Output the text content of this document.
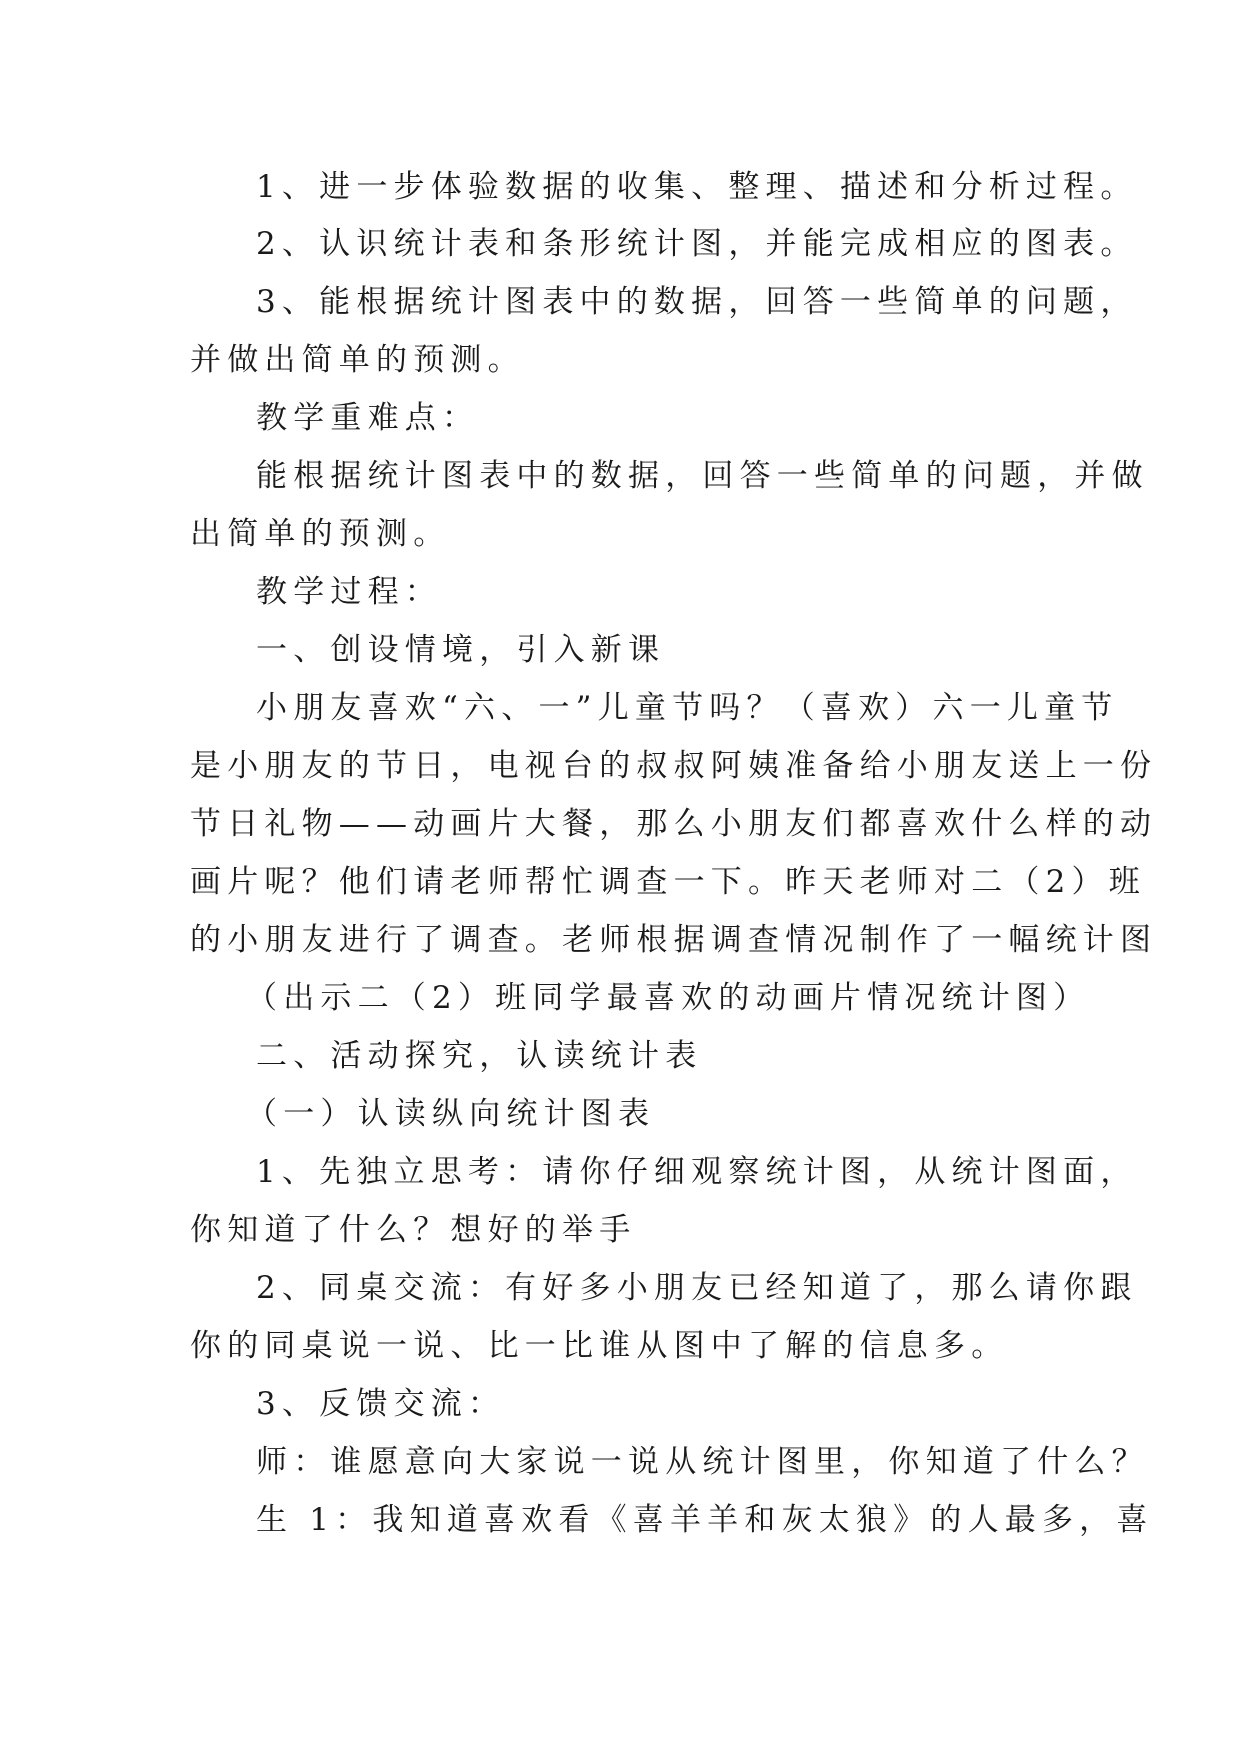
1、进一步体验数据的收集、整理、描述和分析过程。
2、认识统计表和条形统计图，并能完成相应的图表。
3、能根据统计图表中的数据，回答一些简单的问题，
并做出简单的预测。
教学重难点：
能根据统计图表中的数据，回答一些简单的问题，并做
出简单的预测。
教学过程：
一、创设情境，引入新课
小朋友喜欢“六、一”儿童节吗？（喜欢）六一儿童节
是小朋友的节日，电视台的叔叔阿姨准备给小朋友送上一份
节日礼物——动画片大餐，那么小朋友们都喜欢什么样的动
画片呢？他们请老师帮忙调查一下。昨天老师对二（2）班
的小朋友进行了调查。老师根据调查情况制作了一幅统计图
（出示二（2）班同学最喜欢的动画片情况统计图）
二、活动探究，认读统计表
（一）认读纵向统计图表
1、先独立思考：请你仔细观察统计图，从统计图面，
你知道了什么？想好的举手
2、同桌交流：有好多小朋友已经知道了，那么请你跟
你的同桌说一说、比一比谁从图中了解的信息多。
3、反馈交流：
师：谁愿意向大家说一说从统计图里，你知道了什么？
生 1：我知道喜欢看《喜羊羊和灰太狼》的人最多，喜
